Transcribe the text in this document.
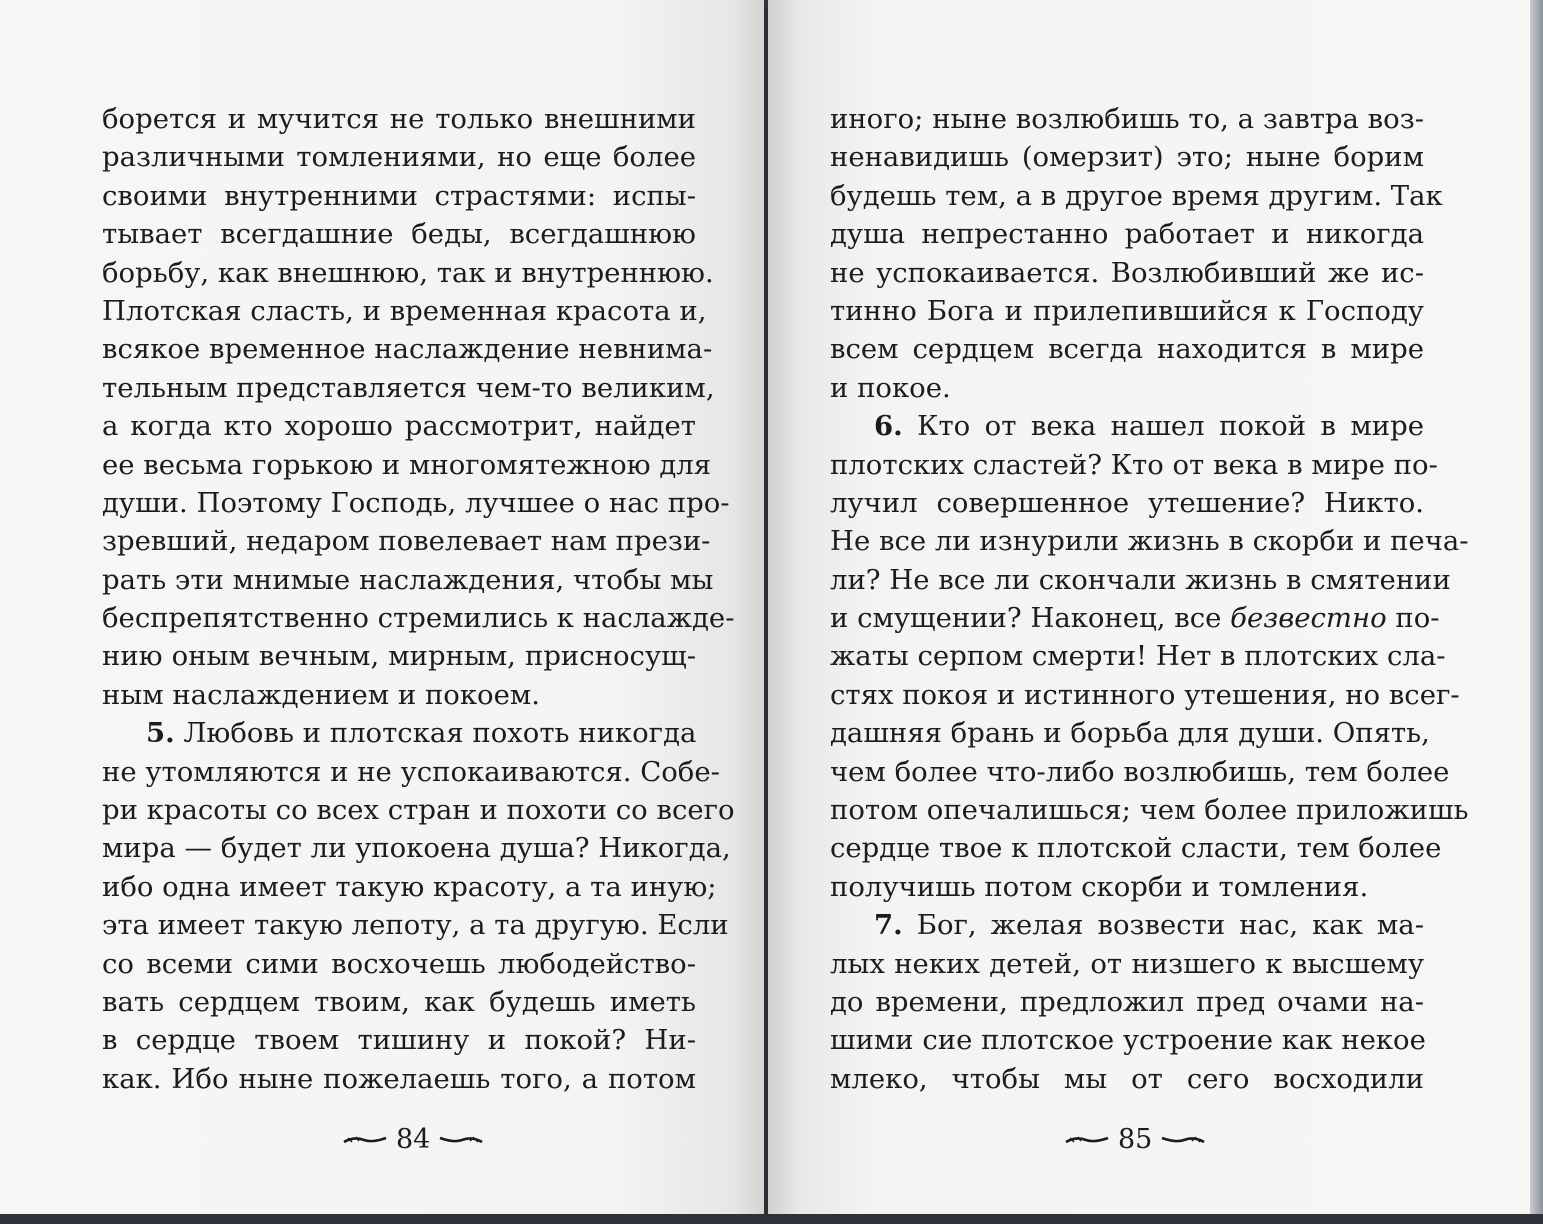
борется и мучится не только внешними
различными томлениями, но еще более
своими внутренними страстями: испы-
тывает всегдашние беды, всегдашнюю
борьбу, как внешнюю, так и внутреннюю.
Плотская сласть, и временная красота и,
всякое временное наслаждение невнима-
тельным представляется чем-то великим,
а когда кто хорошо рассмотрит, найдет
ее весьма горькою и многомятежною для
души. Поэтому Господь, лучшее о нас про-
зревший, недаром повелевает нам прези-
рать эти мнимые наслаждения, чтобы мы
беспрепятственно стремились к наслажде-
нию оным вечным, мирным, присносущ-
ным наслаждением и покоем.
5. Любовь и плотская похоть никогда
не утомляются и не успокаиваются. Собе-
ри красоты со всех стран и похоти со всего
мира — будет ли упокоена душа? Никогда,
ибо одна имеет такую красоту, а та иную;
эта имеет такую лепоту, а та другую. Если
со всеми сими восхочешь любодейство-
вать сердцем твоим, как будешь иметь
в сердце твоем тишину и покой? Ни-
как. Ибо ныне пожелаешь того, а потом
84
иного; ныне возлюбишь то, а завтра воз-
ненавидишь (омерзит) это; ныне борим
будешь тем, а в другое время другим. Так
душа непрестанно работает и никогда
не успокаивается. Возлюбивший же ис-
тинно Бога и прилепившийся к Господу
всем сердцем всегда находится в мире
и покое.
6. Кто от века нашел покой в мире
плотских сластей? Кто от века в мире по-
лучил совершенное утешение? Никто.
Не все ли изнурили жизнь в скорби и печа-
ли? Не все ли скончали жизнь в смятении
и смущении? Наконец, все безвестно по-
жаты серпом смерти! Нет в плотских сла-
стях покоя и истинного утешения, но всег-
дашняя брань и борьба для души. Опять,
чем более что-либо возлюбишь, тем более
потом опечалишься; чем более приложишь
сердце твое к плотской сласти, тем более
получишь потом скорби и томления.
7. Бог, желая возвести нас, как ма-
лых неких детей, от низшего к высшему
до времени, предложил пред очами на-
шими сие плотское устроение как некое
млеко, чтобы мы от сего восходили
85
